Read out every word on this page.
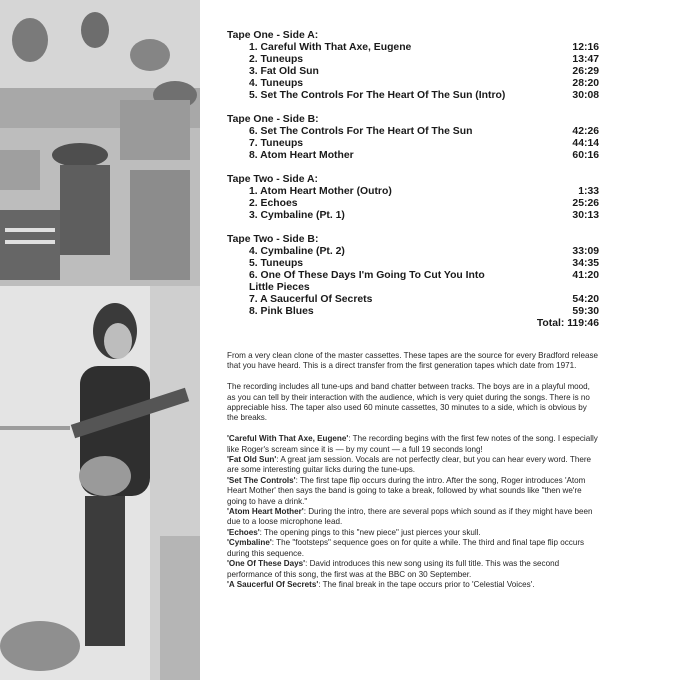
Tape One - Side A:
1. Careful With That Axe, Eugene	12:16
2. Tuneups	13:47
3. Fat Old Sun	26:29
4. Tuneups	28:20
5. Set The Controls For The Heart Of The Sun (Intro)	30:08
Tape One - Side B:
6. Set The Controls For The Heart Of The Sun	42:26
7. Tuneups	44:14
8. Atom Heart Mother	60:16
Tape Two - Side A:
1. Atom Heart Mother (Outro)	1:33
2. Echoes	25:26
3. Cymbaline (Pt. 1)	30:13
Tape Two - Side B:
4. Cymbaline (Pt. 2)	33:09
5. Tuneups	34:35
6. One Of These Days I'm Going To Cut You Into
Little Pieces
41:20
7. A Saucerful Of Secrets	54:20
8. Pink Blues	59:30
Total: 119:46

From a very clean clone of the master cassettes. These tapes are the source for every Bradford release that you have heard. This is a direct transfer from the first generation tapes which date from 1971.

The recording includes all tune-ups and band chatter between tracks. The boys are in a playful mood, as you can tell by their interaction with the audience, which is very quiet during the songs. There is no appreciable hiss. The taper also used 60 minute cassettes, 30 minutes to a side, which is obvious by the breaks.

'Careful With That Axe, Eugene': The recording begins with the first few notes of the song. I especially like Roger's scream since it is — by my count — a full 19 seconds long!

'Fat Old Sun': A great jam session. Vocals are not perfectly clear, but you can hear every word. There are some interesting guitar licks during the tune-ups.

'Set The Controls': The first tape flip occurs during the intro. After the song, Roger introduces 'Atom Heart Mother' then says the band is going to take a break, followed by what sounds like "then we're going to have a drink."

'Atom Heart Mother': During the intro, there are several pops which sound as if they might have been due to a loose microphone lead.

'Echoes': The opening pings to this "new piece" just pierces your skull.

'Cymbaline': The "footsteps" sequence goes on for quite a while. The third and final tape flip occurs during this sequence.

'One Of These Days': David introduces this new song using its full title. This was the second performance of this song, the first was at the BBC on 30 September.

'A Saucerful Of Secrets': The final break in the tape occurs prior to 'Celestial Voices'.
